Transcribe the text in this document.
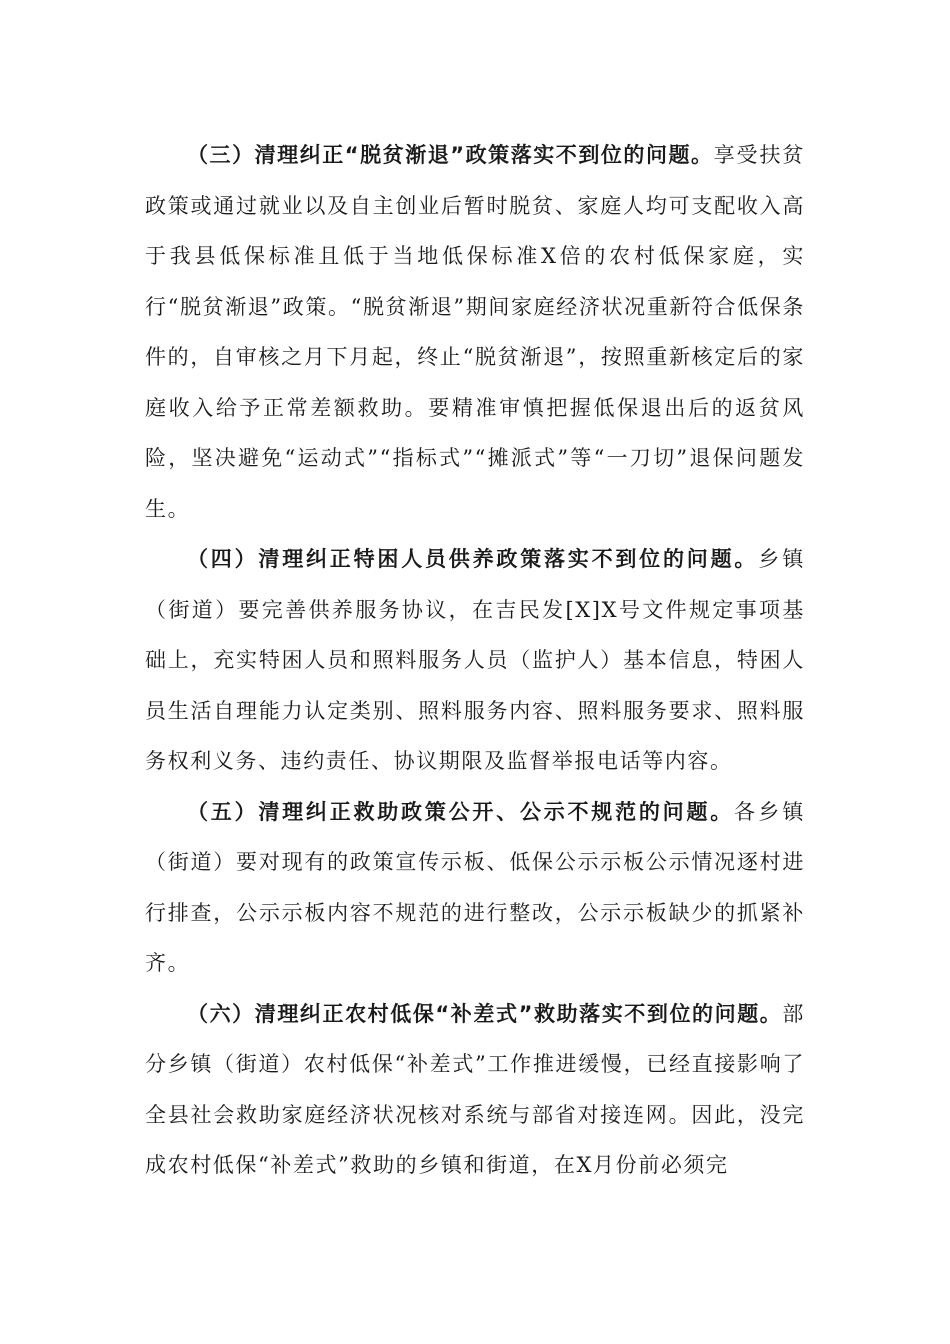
（三）清理纠正“脱贫渐退”政策落实不到位的问题。享受扶贫政策或通过就业以及自主创业后暂时脱贫、家庭人均可支配收入高于我县低保标准且低于当地低保标准X倍的农村低保家庭，实行“脱贫渐退”政策。“脱贫渐退”期间家庭经济状况重新符合低保条件的，自审核之月下月起，终止“脱贫渐退”，按照重新核定后的家庭收入给予正常差额救助。要精准审慎把握低保退出后的返贫风险，坚决避免“运动式”“指标式”“摊派式”等“一刀切”退保问题发生。

（四）清理纠正特困人员供养政策落实不到位的问题。乡镇（街道）要完善供养服务协议，在吉民发[X]X号文件规定事项基础上，充实特困人员和照料服务人员（监护人）基本信息，特困人员生活自理能力认定类别、照料服务内容、照料服务要求、照料服务权利义务、违约责任、协议期限及监督举报电话等内容。

（五）清理纠正救助政策公开、公示不规范的问题。各乡镇（街道）要对现有的政策宣传示板、低保公示示板公示情况逐村进行排查，公示示板内容不规范的进行整改，公示示板缺少的抓紧补齐。

（六）清理纠正农村低保“补差式”救助落实不到位的问题。部分乡镇（街道）农村低保“补差式”工作推进缓慢，已经直接影响了全县社会救助家庭经济状况核对系统与部省对接连网。因此，没完成农村低保“补差式”救助的乡镇和街道，在X月份前必须完
